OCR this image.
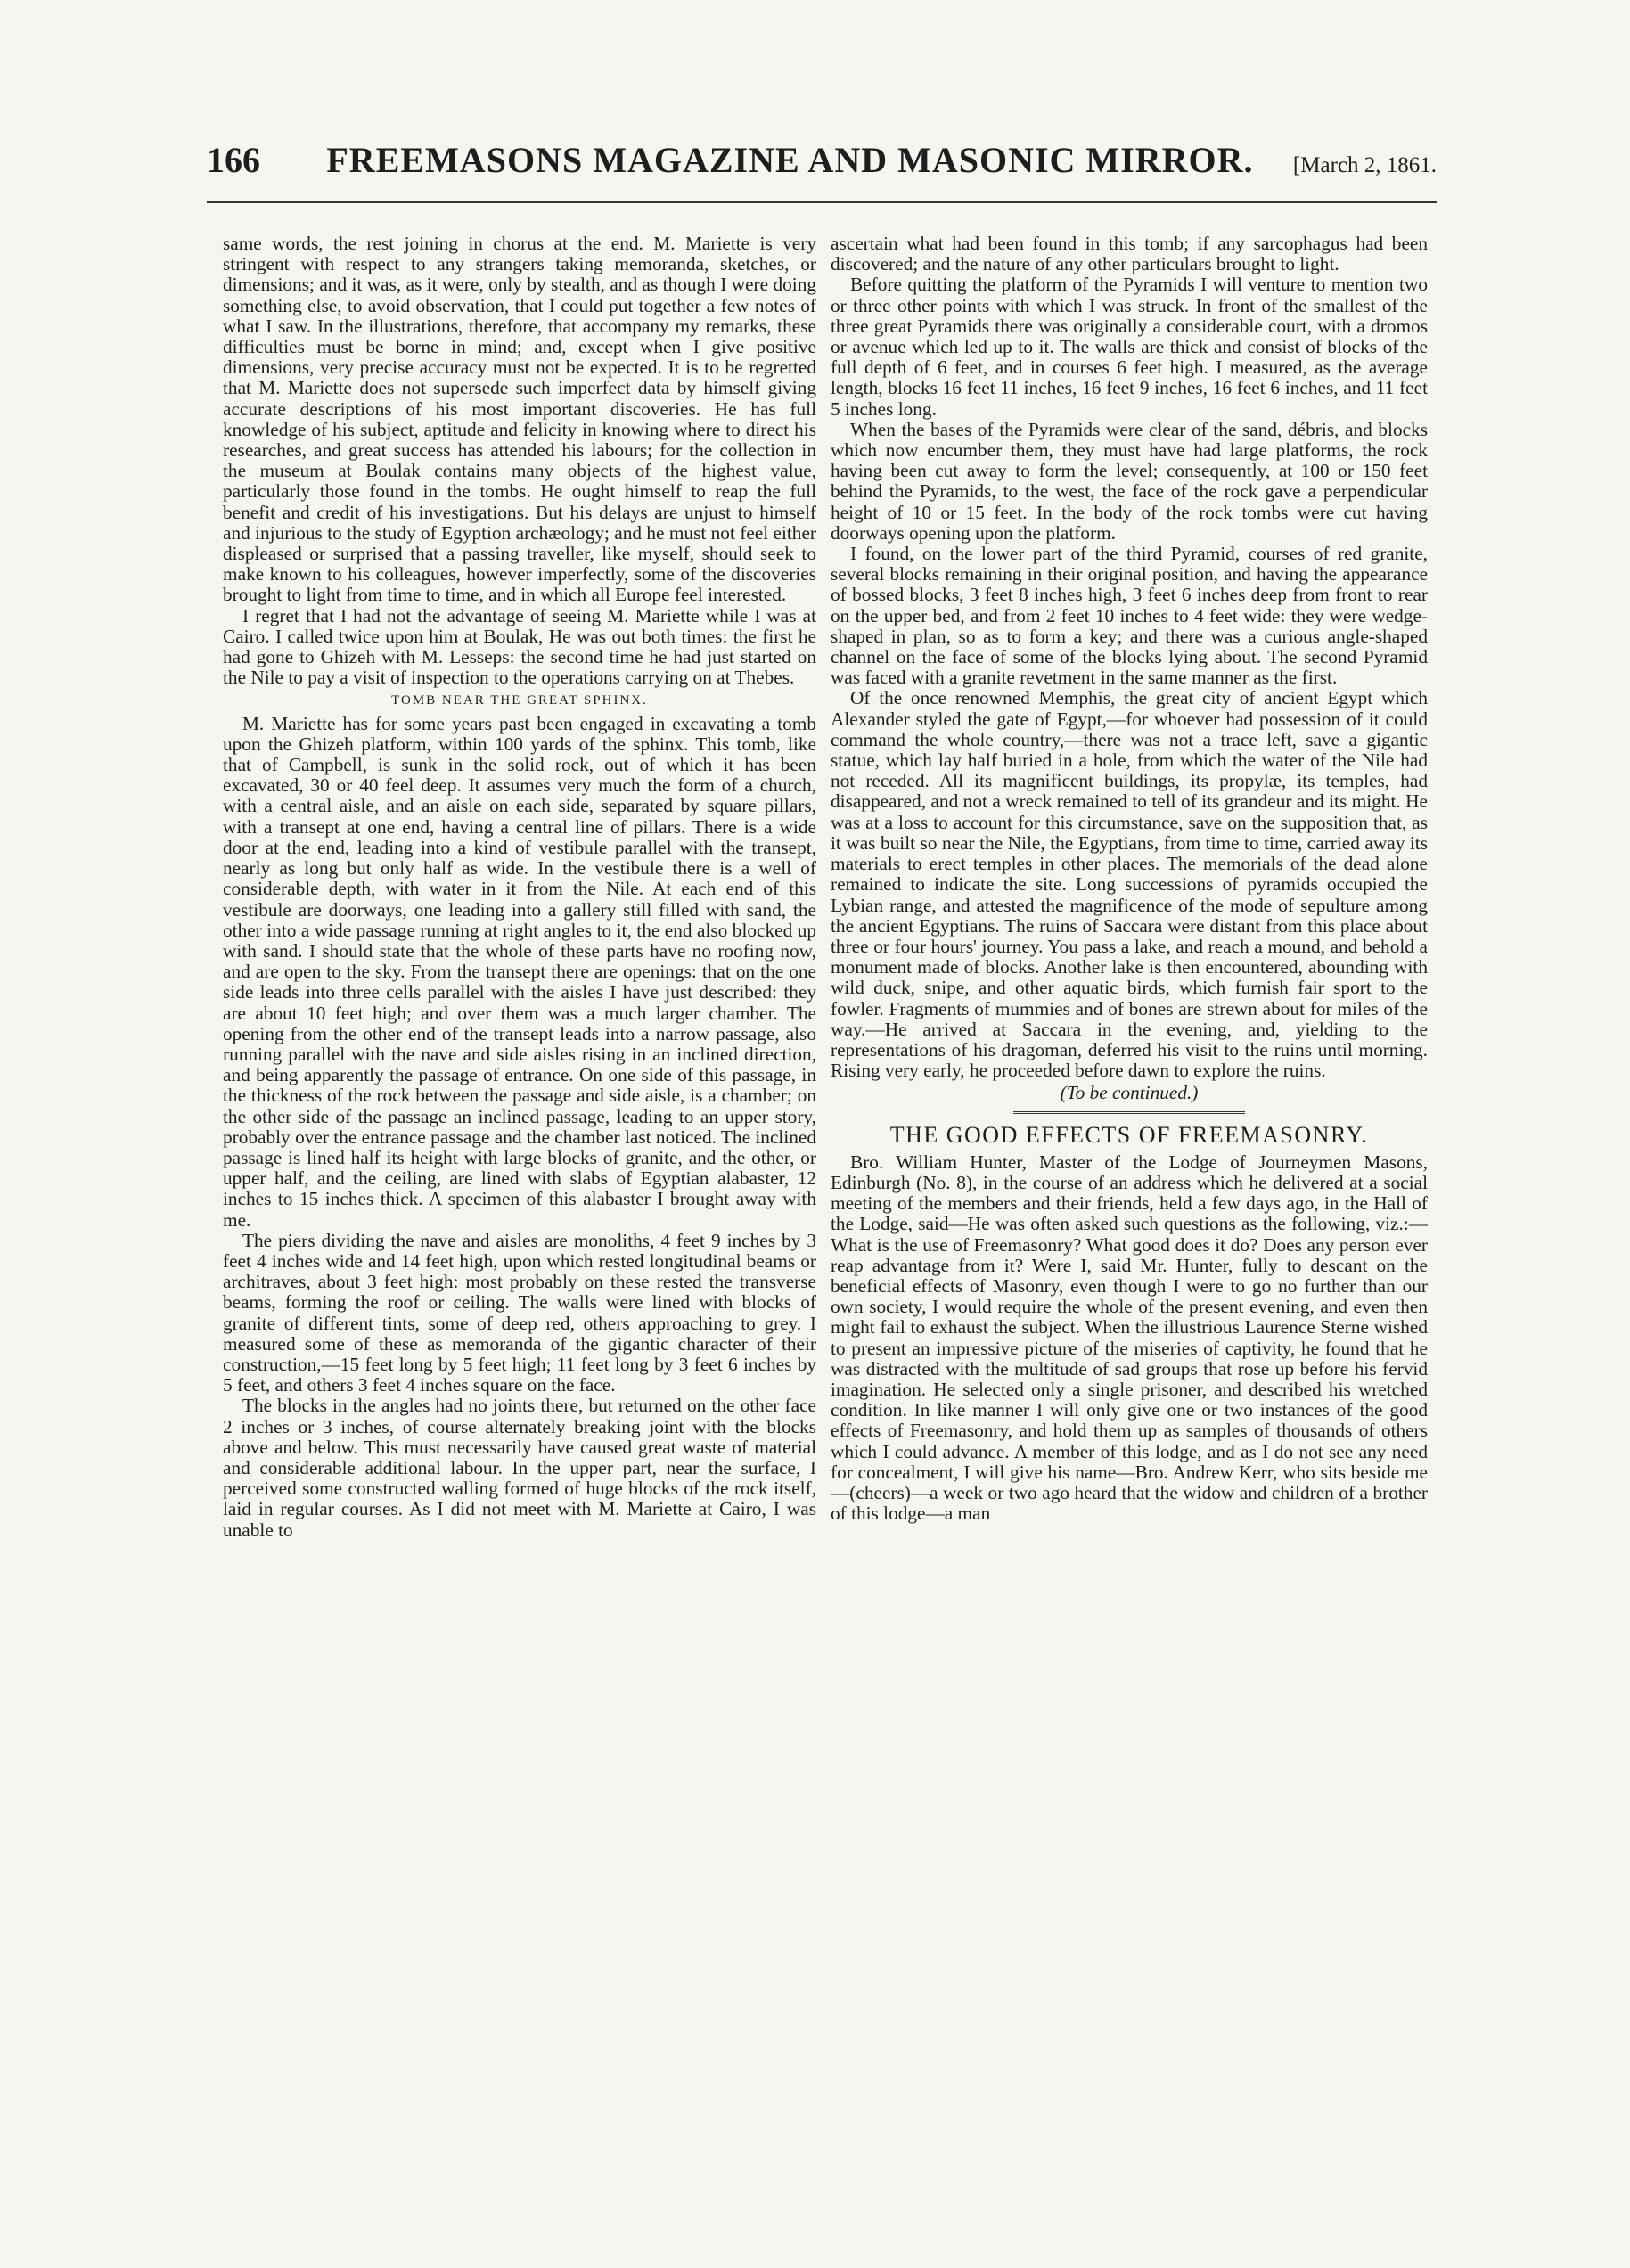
166	FREEMASONS MAGAZINE AND MASONIC MIRROR.	[March 2, 1861.

same words, the rest joining in chorus at the end. M. Mariette is very stringent with respect to any strangers taking memoranda, sketches, or dimensions; and it was, as it were, only by stealth, and as though I were doing something else, to avoid observation, that I could put together a few notes of what I saw. In the illustrations, therefore, that accompany my remarks, these difficulties must be borne in mind; and, except when I give positive dimensions, very precise accuracy must not be expected. It is to be regretted that M. Mariette does not supersede such imperfect data by himself giving accurate descriptions of his most important discoveries. He has full knowledge of his subject, aptitude and felicity in knowing where to direct his researches, and great success has attended his labours; for the collection in the museum at Boulak contains many objects of the highest value, particularly those found in the tombs. He ought himself to reap the full benefit and credit of his investigations. But his delays are unjust to himself and injurious to the study of Egyption archæology; and he must not feel either displeased or surprised that a passing traveller, like myself, should seek to make known to his colleagues, however imperfectly, some of the discoveries brought to light from time to time, and in which all Europe feel interested.

I regret that I had not the advantage of seeing M. Mariette while I was at Cairo. I called twice upon him at Boulak, He was out both times: the first he had gone to Ghizeh with M. Lesseps: the second time he had just started on the Nile to pay a visit of inspection to the operations carrying on at Thebes.

TOMB NEAR THE GREAT SPHINX.

M. Mariette has for some years past been engaged in excavating a tomb upon the Ghizeh platform, within 100 yards of the sphinx. This tomb, like that of Campbell, is sunk in the solid rock, out of which it has been excavated, 30 or 40 feel deep. It assumes very much the form of a church, with a central aisle, and an aisle on each side, separated by square pillars, with a transept at one end, having a central line of pillars. There is a wide door at the end, leading into a kind of vestibule parallel with the transept, nearly as long but only half as wide. In the vestibule there is a well of considerable depth, with water in it from the Nile. At each end of this vestibule are doorways, one leading into a gallery still filled with sand, the other into a wide passage running at right angles to it, the end also blocked up with sand. I should state that the whole of these parts have no roofing now, and are open to the sky. From the transept there are openings: that on the one side leads into three cells parallel with the aisles I have just described: they are about 10 feet high; and over them was a much larger chamber. The opening from the other end of the transept leads into a narrow passage, also running parallel with the nave and side aisles rising in an inclined direction, and being apparently the passage of entrance. On one side of this passage, in the thickness of the rock between the passage and side aisle, is a chamber; on the other side of the passage an inclined passage, leading to an upper story, probably over the entrance passage and the chamber last noticed. The inclined passage is lined half its height with large blocks of granite, and the other, or upper half, and the ceiling, are lined with slabs of Egyptian alabaster, 12 inches to 15 inches thick. A specimen of this alabaster I brought away with me.

The piers dividing the nave and aisles are monoliths, 4 feet 9 inches by 3 feet 4 inches wide and 14 feet high, upon which rested longitudinal beams or architraves, about 3 feet high: most probably on these rested the transverse beams, forming the roof or ceiling. The walls were lined with blocks of granite of different tints, some of deep red, others approaching to grey. I measured some of these as memoranda of the gigantic character of their construction,—15 feet long by 5 feet high; 11 feet long by 3 feet 6 inches by 5 feet, and others 3 feet 4 inches square on the face.

The blocks in the angles had no joints there, but returned on the other face 2 inches or 3 inches, of course alternately breaking joint with the blocks above and below. This must necessarily have caused great waste of material and considerable additional labour. In the upper part, near the surface, I perceived some constructed walling formed of huge blocks of the rock itself, laid in regular courses. As I did not meet with M. Mariette at Cairo, I was unable to

ascertain what had been found in this tomb; if any sarcophagus had been discovered; and the nature of any other particulars brought to light.

Before quitting the platform of the Pyramids I will venture to mention two or three other points with which I was struck. In front of the smallest of the three great Pyramids there was originally a considerable court, with a dromos or avenue which led up to it. The walls are thick and consist of blocks of the full depth of 6 feet, and in courses 6 feet high. I measured, as the average length, blocks 16 feet 11 inches, 16 feet 9 inches, 16 feet 6 inches, and 11 feet 5 inches long.

When the bases of the Pyramids were clear of the sand, débris, and blocks which now encumber them, they must have had large platforms, the rock having been cut away to form the level; consequently, at 100 or 150 feet behind the Pyramids, to the west, the face of the rock gave a perpendicular height of 10 or 15 feet. In the body of the rock tombs were cut having doorways opening upon the platform.

I found, on the lower part of the third Pyramid, courses of red granite, several blocks remaining in their original position, and having the appearance of bossed blocks, 3 feet 8 inches high, 3 feet 6 inches deep from front to rear on the upper bed, and from 2 feet 10 inches to 4 feet wide: they were wedge-shaped in plan, so as to form a key; and there was a curious angle-shaped channel on the face of some of the blocks lying about. The second Pyramid was faced with a granite revetment in the same manner as the first.

Of the once renowned Memphis, the great city of ancient Egypt which Alexander styled the gate of Egypt,—for whoever had possession of it could command the whole country,—there was not a trace left, save a gigantic statue, which lay half buried in a hole, from which the water of the Nile had not receded. All its magnificent buildings, its propylæ, its temples, had disappeared, and not a wreck remained to tell of its grandeur and its might. He was at a loss to account for this circumstance, save on the supposition that, as it was built so near the Nile, the Egyptians, from time to time, carried away its materials to erect temples in other places. The memorials of the dead alone remained to indicate the site. Long successions of pyramids occupied the Lybian range, and attested the magnificence of the mode of sepulture among the ancient Egyptians. The ruins of Saccara were distant from this place about three or four hours' journey. You pass a lake, and reach a mound, and behold a monument made of blocks. Another lake is then encountered, abounding with wild duck, snipe, and other aquatic birds, which furnish fair sport to the fowler. Fragments of mummies and of bones are strewn about for miles of the way.—He arrived at Saccara in the evening, and, yielding to the representations of his dragoman, deferred his visit to the ruins until morning. Rising very early, he proceeded before dawn to explore the ruins.

(To be continued.)
THE GOOD EFFECTS OF FREEMASONRY.

Bro. William Hunter, Master of the Lodge of Journeymen Masons, Edinburgh (No. 8), in the course of an address which he delivered at a social meeting of the members and their friends, held a few days ago, in the Hall of the Lodge, said—He was often asked such questions as the following, viz.:—What is the use of Freemasonry? What good does it do? Does any person ever reap advantage from it? Were I, said Mr. Hunter, fully to descant on the beneficial effects of Masonry, even though I were to go no further than our own society, I would require the whole of the present evening, and even then might fail to exhaust the subject. When the illustrious Laurence Sterne wished to present an impressive picture of the miseries of captivity, he found that he was distracted with the multitude of sad groups that rose up before his fervid imagination. He selected only a single prisoner, and described his wretched condition. In like manner I will only give one or two instances of the good effects of Freemasonry, and hold them up as samples of thousands of others which I could advance. A member of this lodge, and as I do not see any need for concealment, I will give his name—Bro. Andrew Kerr, who sits beside me—(cheers)—a week or two ago heard that the widow and children of a brother of this lodge—a man
